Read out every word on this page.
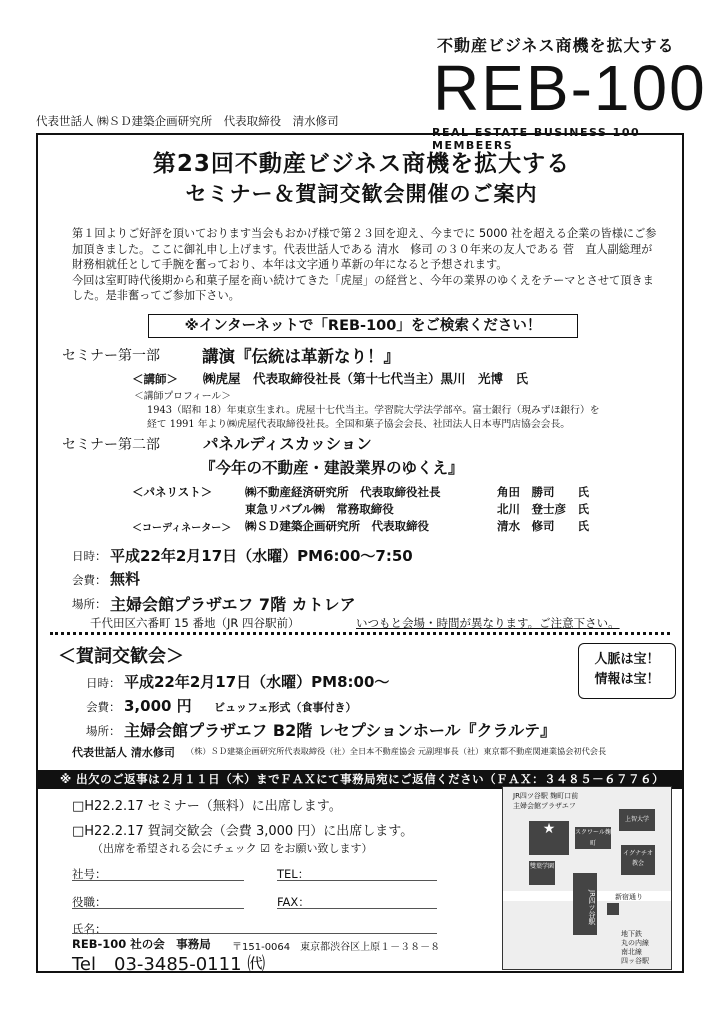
不動産ビジネス商機を拡大する
REB-100
REAL ESTATE BUSINESS 100 MEMBEERS
代表世話人 ㈱ＳＤ建築企画研究所　代表取締役　清水修司
第23回不動産ビジネス商機を拡大する
セミナー＆賀詞交歓会開催のご案内
第１回よりご好評を頂いております当会もおかげ様で第２３回を迎え、今までに 5000 社を超える企業の皆様にご参加頂きました。ここに御礼申し上げます。代表世話人である 清水　修司 の３０年来の友人である 菅　直人副総理が財務相就任として手腕を奮っており、本年は文字通り革新の年になると予想されます。
今回は室町時代後期から和菓子屋を商い続けてきた「虎屋」の経営と、今年の業界のゆくえをテーマとさせて頂きました。是非奮ってご参加下さい。
※インターネットで「REB-100」をご検索ください！
セミナー第一部	講演『伝統は革新なり！』
＜講師＞ ㈱虎屋　代表取締役社長（第十七代当主）黒川　光博　氏
＜講師プロフィール＞
1943（昭和 18）年東京生まれ。虎屋十七代当主。学習院大学法学部卒。富士銀行（現みずほ銀行）を
経て 1991 年より㈱虎屋代表取締役社長。全国和菓子協会会長、社団法人日本専門店協会会長。
セミナー第二部	パネルディスカッション
『今年の不動産・建設業界のゆくえ』
＜パネリスト＞	㈱不動産経済研究所　代表取締役社長	角田　勝司　　氏
東急リバブル㈱　常務取締役	北川　登士彦　氏
＜コーディネーター＞ ㈱ＳＤ建築企画研究所　代表取締役	清水　修司　　氏
日時： 平成22年2月17日（水曜）PM6:00～7:50
会費： 無料
場所： 主婦会館プラザエフ 7階 カトレア
千代田区六番町 15 番地（JR 四谷駅前）	いつもと会場・時間が異なります。ご注意下さい。
＜賀詞交歓会＞	人脈は宝！
情報は宝！
日時： 平成22年2月17日（水曜）PM8:00～
会費： 3,000 円 ビュッフェ形式（食事付き）
場所： 主婦会館プラザエフ B2階 レセプションホール『クラルテ』
代表世話人 清水修司 （株）ＳＤ建築企画研究所代表取締役（社）全日本不動産協会 元副理事長（社）東京都不動産関連業協会初代会長
※ 出欠のご返事は２月１１日（木）までＦＡＸにて事務局宛にご返信ください（ＦＡＸ：３４８５－６７７６）
□H22.2.17 セミナー（無料）に出席します。
□H22.2.17 賀詞交歓会（会費 3,000 円）に出席します。
（出席を希望される会にチェック ☑ をお願い致します）
社号：	TEL：
役職：	FAX：
氏名：
REB-100 社の会　事務局 〒151-0064　東京都渋谷区上原１－３８－８
Tel　03-3485-0111 ㈹
JR四ツ谷駅 麹町口前
主婦会館プラザエフ
★	スクワール麹町
上智大学
イグナチオ教会
雙葉学園
新宿通り
JR四ツ谷駅
地下鉄
丸の内線
南北線
四ッ谷駅
